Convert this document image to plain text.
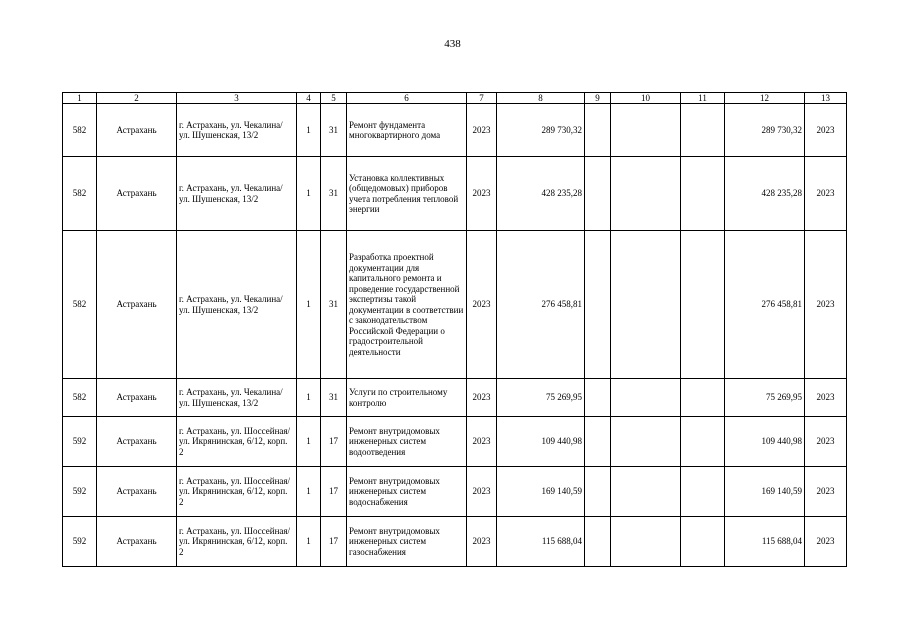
438
1	2	3	4	5	6	7	8	9	10	11	12	13
582	Астрахань	г. Астрахань, ул. Чекалина/ ул. Шушенская, 13/2	1	31	Ремонт фундамента многоквартирного дома	2023	289 730,32				289 730,32	2023
582	Астрахань	г. Астрахань, ул. Чекалина/ ул. Шушенская, 13/2	1	31	Установка коллективных (общедомовых) приборов учета потребления тепловой энергии	2023	428 235,28				428 235,28	2023
582	Астрахань	г. Астрахань, ул. Чекалина/ ул. Шушенская, 13/2	1	31	Разработка проектной документации для капитального ремонта и проведение государственной экспертизы такой документации в соответствии с законодательством Российской Федерации о градостроительной деятельности	2023	276 458,81				276 458,81	2023
582	Астрахань	г. Астрахань, ул. Чекалина/ ул. Шушенская, 13/2	1	31	Услуги по строительному контролю	2023	75 269,95				75 269,95	2023
592	Астрахань	г. Астрахань, ул. Шоссейная/ ул. Икрянинская, 6/12, корп. 2	1	17	Ремонт внутридомовых инженерных систем водоотведения	2023	109 440,98				109 440,98	2023
592	Астрахань	г. Астрахань, ул. Шоссейная/ ул. Икрянинская, 6/12, корп. 2	1	17	Ремонт внутридомовых инженерных систем водоснабжения	2023	169 140,59				169 140,59	2023
592	Астрахань	г. Астрахань, ул. Шоссейная/ ул. Икрянинская, 6/12, корп. 2	1	17	Ремонт внутридомовых инженерных систем газоснабжения	2023	115 688,04				115 688,04	2023
